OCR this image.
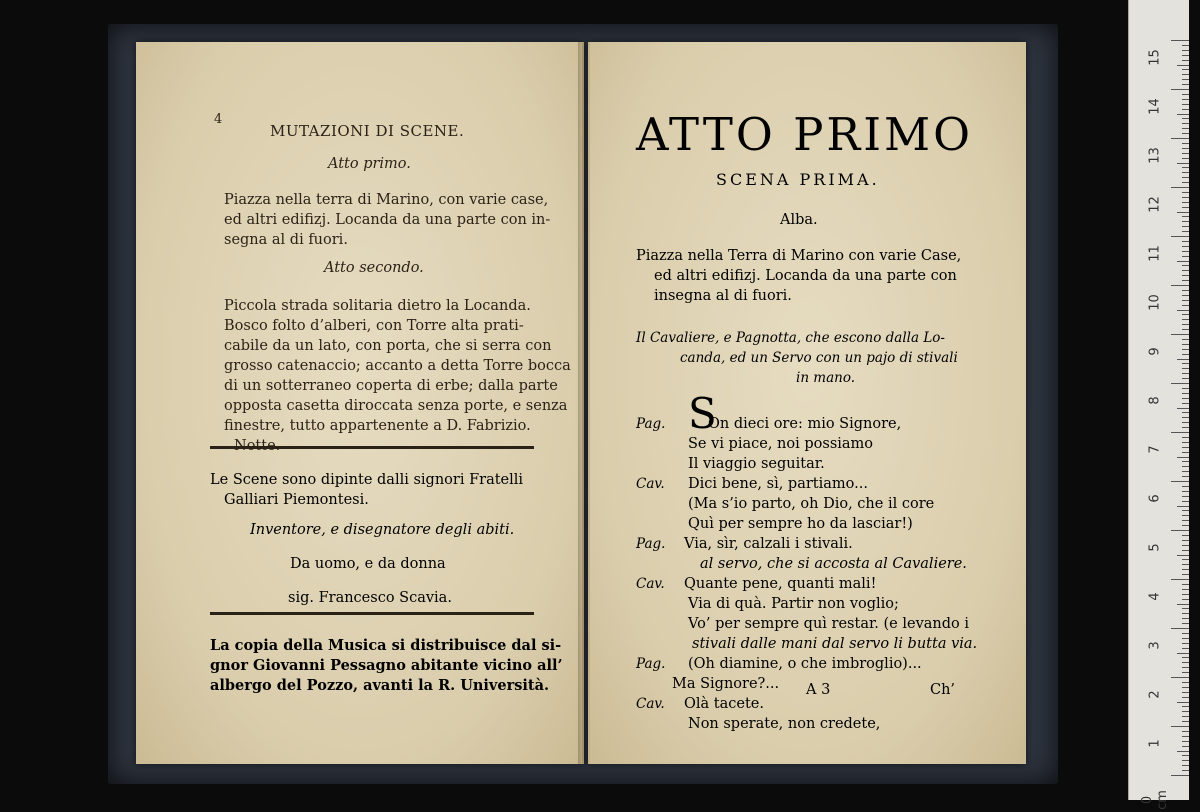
4
MUTAZIONI DI SCENE.
Atto primo.
Piazza nella terra di Marino, con varie case,
ed altri edifizj. Locanda da una parte con in-
segna al di fuori.
Atto secondo.
Piccola strada solitaria dietro la Locanda.
Bosco folto d’alberi, con Torre alta prati-
cabile da un lato, con porta, che si serra con
grosso catenaccio; accanto a detta Torre bocca
di un sotterraneo coperta di erbe; dalla parte
opposta casetta diroccata senza porte, e senza
finestre, tutto appartenente a D. Fabrizio.
Le Scene sono dipinte dalli signori Fratelli
Galliari Piemontesi.
Inventore, e disegnatore degli abiti.
Da uomo, e da donna
sig. Francesco Scavia.
La copia della Musica si distribuisce dal si-
gnor Giovanni Pessagno abitante vicino all’
albergo del Pozzo, avanti la R. Università.
ATTO PRIMO
SCENA PRIMA.
Alba.
Piazza nella Terra di Marino con varie Case,
ed altri edifizj. Locanda da una parte con
insegna al di fuori.
Il Cavaliere, e Pagnotta, che escono dalla Lo-
canda, ed un Servo con un pajo di stivali
in mano.
S
Pag.	On dieci ore: mio Signore,
Se vi piace, noi possiamo
Il viaggio seguitar.
Cav. Dici bene, sì, partiamo...
(Ma s’io parto, oh Dio, che il core
Quì per sempre ho da lasciar!)
Pag. Via, sìr, calzali i stivali.
al servo, che si accosta al Cavaliere.
Cav. Quante pene, quanti mali!
Via di quà. Partir non voglio;
Vo’ per sempre quì restar. (e levando i
stivali dalle mani dal servo li butta via.
Pag. (Oh diamine, o che imbroglio)...
Ma Signore?...
Cav. Olà tacete.
Non sperate, non credete,
A 3	Ch’
15
14
13
12
11
10
9
8
7
6
5
4
3
2
1
0 cm
